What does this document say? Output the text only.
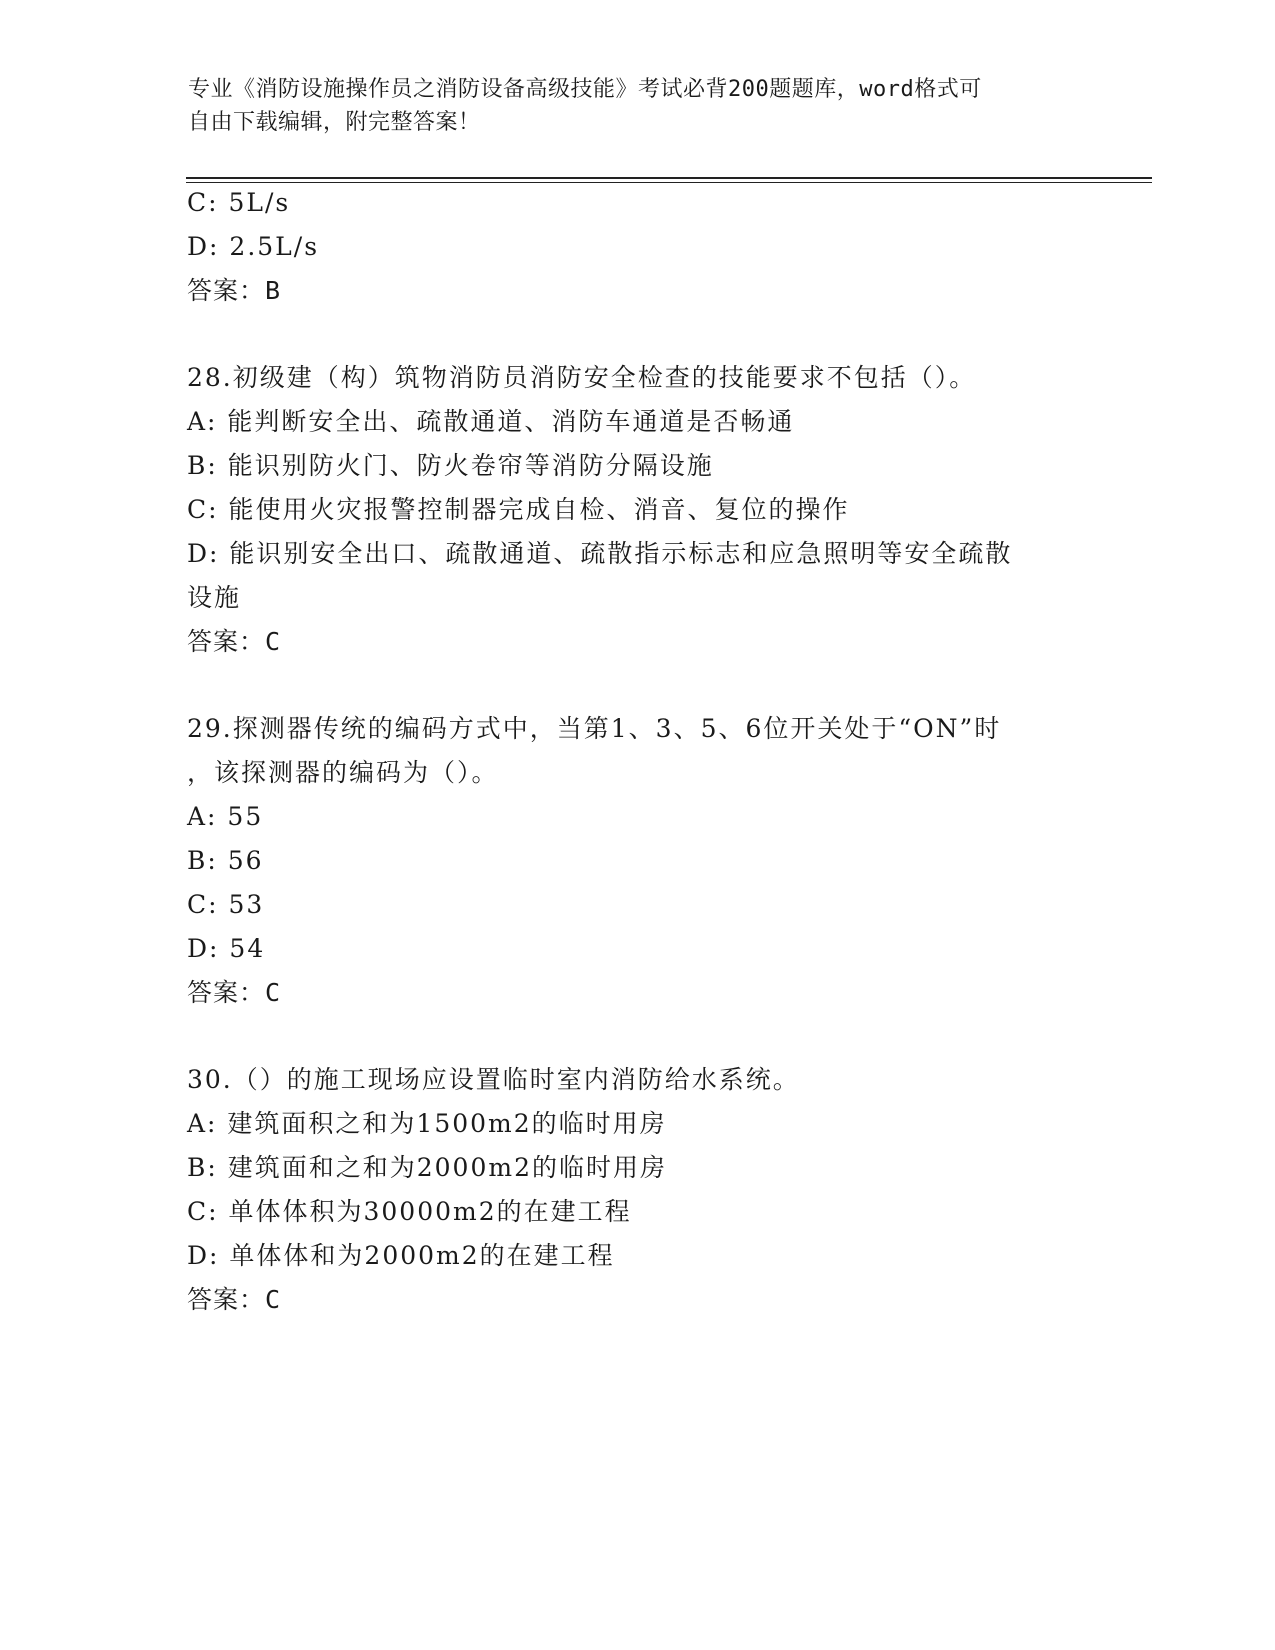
专业《消防设施操作员之消防设备高级技能》考试必背200题题库，word格式可
自由下载编辑，附完整答案！
C: 5L/s
D: 2.5L/s
答案：B
28.初级建（构）筑物消防员消防安全检查的技能要求不包括（）。
A: 能判断安全出、疏散通道、消防车通道是否畅通
B: 能识别防火门、防火卷帘等消防分隔设施
C: 能使用火灾报警控制器完成自检、消音、复位的操作
D: 能识别安全出口、疏散通道、疏散指示标志和应急照明等安全疏散
设施
答案：C
29.探测器传统的编码方式中，当第1、3、5、6位开关处于“ON”时
，该探测器的编码为（）。
A: 55
B: 56
C: 53
D: 54
答案：C
30.（）的施工现场应设置临时室内消防给水系统。
A: 建筑面积之和为1500m2的临时用房
B: 建筑面和之和为2000m2的临时用房
C: 单体体积为30000m2的在建工程
D: 单体体和为2000m2的在建工程
答案：C
